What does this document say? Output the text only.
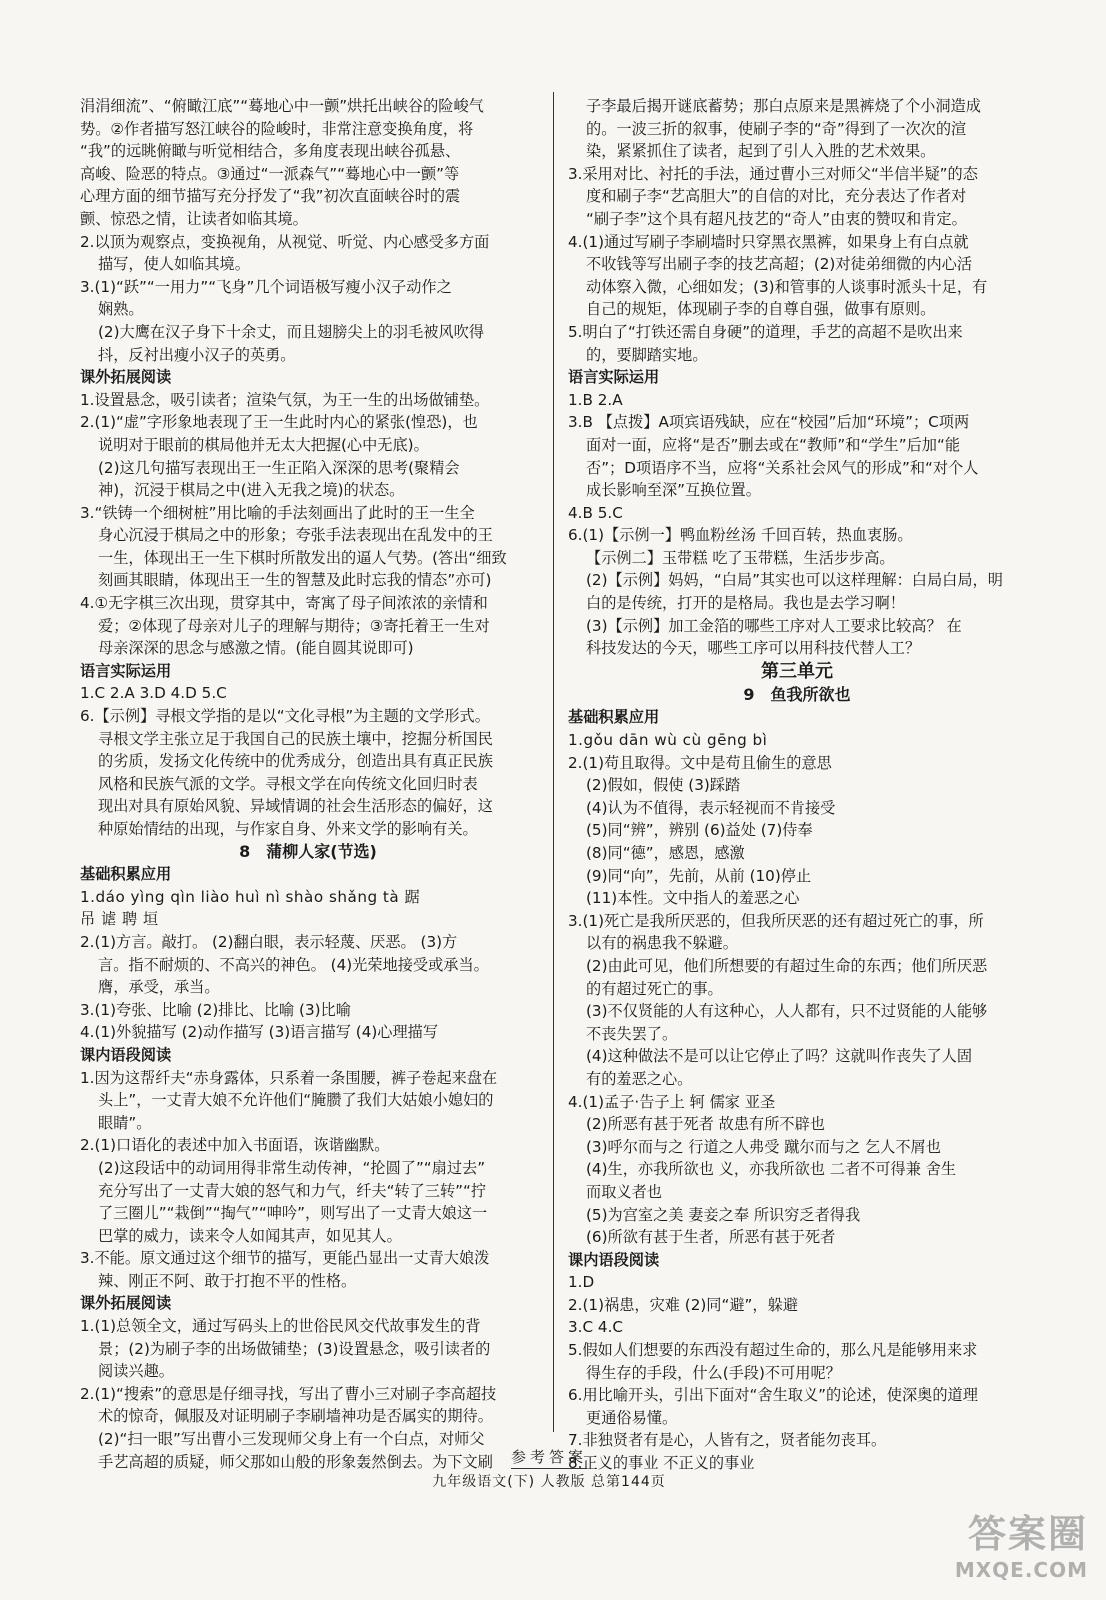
涓涓细流”、“俯瞰江底”“蓦地心中一颤”烘托出峡谷的险峻气
势。②作者描写怒江峡谷的险峻时，非常注意变换角度，将
“我”的远眺俯瞰与听觉相结合，多角度表现出峡谷孤悬、
高峻、险恶的特点。③通过“一派森气”“蓦地心中一颤”等
心理方面的细节描写充分抒发了“我”初次直面峡谷时的震
颤、惊恐之情，让读者如临其境。
2.以顶为观察点，变换视角，从视觉、听觉、内心感受多方面
描写，使人如临其境。
3.(1)“跃”“一用力”“飞身”几个词语极写瘦小汉子动作之
娴熟。
(2)大鹰在汉子身下十余丈，而且翅膀尖上的羽毛被风吹得
抖，反衬出瘦小汉子的英勇。
课外拓展阅读
1.设置悬念，吸引读者；渲染气氛，为王一生的出场做铺垫。
2.(1)“虚”字形象地表现了王一生此时内心的紧张(惶恐)，也
说明对于眼前的棋局他并无太大把握(心中无底)。
(2)这几句描写表现出王一生正陷入深深的思考(聚精会
神)，沉浸于棋局之中(进入无我之境)的状态。
3.“铁铸一个细树桩”用比喻的手法刻画出了此时的王一生全
身心沉浸于棋局之中的形象；夸张手法表现出在乱发中的王
一生，体现出王一生下棋时所散发出的逼人气势。(答出“细致
刻画其眼睛，体现出王一生的智慧及此时忘我的情态”亦可)
4.①无字棋三次出现，贯穿其中，寄寓了母子间浓浓的亲情和
爱；②体现了母亲对儿子的理解与期待；③寄托着王一生对
母亲深深的思念与感激之情。(能自圆其说即可)
语言实际运用
1.C 2.A 3.D 4.D 5.C
6.【示例】寻根文学指的是以“文化寻根”为主题的文学形式。
寻根文学主张立足于我国自己的民族土壤中，挖掘分析国民
的劣质，发扬文化传统中的优秀成分，创造出具有真正民族
风格和民族气派的文学。寻根文学在向传统文化回归时表
现出对具有原始风貌、异域情调的社会生活形态的偏好，这
种原始情结的出现，与作家自身、外来文学的影响有关。
8　蒲柳人家(节选)
基础积累应用
1.dáo yìng qìn liào huì nì shào shǎng tà 踞
吊 谑 聘 垣
2.(1)方言。敲打。 (2)翻白眼，表示轻蔑、厌恶。 (3)方
言。指不耐烦的、不高兴的神色。 (4)光荣地接受或承当。
膺，承受，承当。
3.(1)夸张、比喻 (2)排比、比喻 (3)比喻
4.(1)外貌描写 (2)动作描写 (3)语言描写 (4)心理描写
课内语段阅读
1.因为这帮纤夫“赤身露体，只系着一条围腰，裤子卷起来盘在
头上”，一丈青大娘不允许他们“腌臜了我们大姑娘小媳妇的
眼睛”。
2.(1)口语化的表述中加入书面语，诙谐幽默。
(2)这段话中的动词用得非常生动传神，“抡圆了”“扇过去”
充分写出了一丈青大娘的怒气和力气，纤夫“转了三转”“拧
了三圈儿”“栽倒”“掏气”“呻吟”，则写出了一丈青大娘这一
巴掌的威力，读来令人如闻其声，如见其人。
3.不能。原文通过这个细节的描写，更能凸显出一丈青大娘泼
辣、刚正不阿、敢于打抱不平的性格。
课外拓展阅读
1.(1)总领全文，通过写码头上的世俗民风交代故事发生的背
景；(2)为刷子李的出场做铺垫；(3)设置悬念，吸引读者的
阅读兴趣。
2.(1)“搜索”的意思是仔细寻找，写出了曹小三对刷子李高超技
术的惊奇，佩服及对证明刷子李刷墙神功是否属实的期待。
(2)“扫一眼”写出曹小三发现师父身上有一个白点，对师父
手艺高超的质疑，师父那如山般的形象轰然倒去。为下文刷
子李最后揭开谜底蓄势；那白点原来是黑裤烧了个小洞造成
的。一波三折的叙事，使刷子李的“奇”得到了一次次的渲
染，紧紧抓住了读者，起到了引人入胜的艺术效果。
3.采用对比、衬托的手法，通过曹小三对师父“半信半疑”的态
度和刷子李“艺高胆大”的自信的对比，充分表达了作者对
“刷子李”这个具有超凡技艺的“奇人”由衷的赞叹和肯定。
4.(1)通过写刷子李刷墙时只穿黑衣黑裤，如果身上有白点就
不收钱等写出刷子李的技艺高超；(2)对徒弟细微的内心活
动体察入微，心细如发；(3)和管事的人谈事时派头十足，有
自己的规矩，体现刷子李的自尊自强，做事有原则。
5.明白了“打铁还需自身硬”的道理，手艺的高超不是吹出来
的，要脚踏实地。
语言实际运用
1.B 2.A
3.B 【点拨】A项宾语残缺，应在“校园”后加“环境”；C项两
面对一面，应将“是否”删去或在“教师”和“学生”后加“能
否”；D项语序不当，应将“关系社会风气的形成”和“对个人
成长影响至深”互换位置。
4.B 5.C
6.(1)【示例一】鸭血粉丝汤 千回百转，热血衷肠。
【示例二】玉带糕 吃了玉带糕，生活步步高。
(2)【示例】妈妈，“白局”其实也可以这样理解：白局白局，明
白的是传统，打开的是格局。我也是去学习啊！
(3)【示例】加工金箔的哪些工序对人工要求比较高？ 在
科技发达的今天，哪些工序可以用科技代替人工？
第三单元
9　鱼我所欲也
基础积累应用
1.gǒu dān wù cù gēng bì
2.(1)苟且取得。文中是苟且偷生的意思
(2)假如，假使 (3)踩踏
(4)认为不值得，表示轻视而不肯接受
(5)同“辨”，辨别 (6)益处 (7)侍奉
(8)同“德”，感恩，感激
(9)同“向”，先前，从前 (10)停止
(11)本性。文中指人的羞恶之心
3.(1)死亡是我所厌恶的，但我所厌恶的还有超过死亡的事，所
以有的祸患我不躲避。
(2)由此可见，他们所想要的有超过生命的东西；他们所厌恶
的有超过死亡的事。
(3)不仅贤能的人有这种心，人人都有，只不过贤能的人能够
不丧失罢了。
(4)这种做法不是可以让它停止了吗？这就叫作丧失了人固
有的羞恶之心。
4.(1)孟子·告子上 轲 儒家 亚圣
(2)所恶有甚于死者 故患有所不辟也
(3)呼尔而与之 行道之人弗受 蹴尔而与之 乞人不屑也
(4)生，亦我所欲也 义，亦我所欲也 二者不可得兼 舍生
而取义者也
(5)为宫室之美 妻妾之奉 所识穷乏者得我
(6)所欲有甚于生者，所恶有甚于死者
课内语段阅读
1.D
2.(1)祸患，灾难 (2)同“避”，躲避
3.C 4.C
5.假如人们想要的东西没有超过生命的，那么凡是能够用来求
得生存的手段，什么(手段)不可用呢？
6.用比喻开头，引出下面对“舍生取义”的论述，使深奥的道理
更通俗易懂。
7.非独贤者有是心，人皆有之，贤者能勿丧耳。
8.正义的事业 不正义的事业
参考答案
九年级语文(下) 人教版 总第144页
答案圈
MXQE.COM
